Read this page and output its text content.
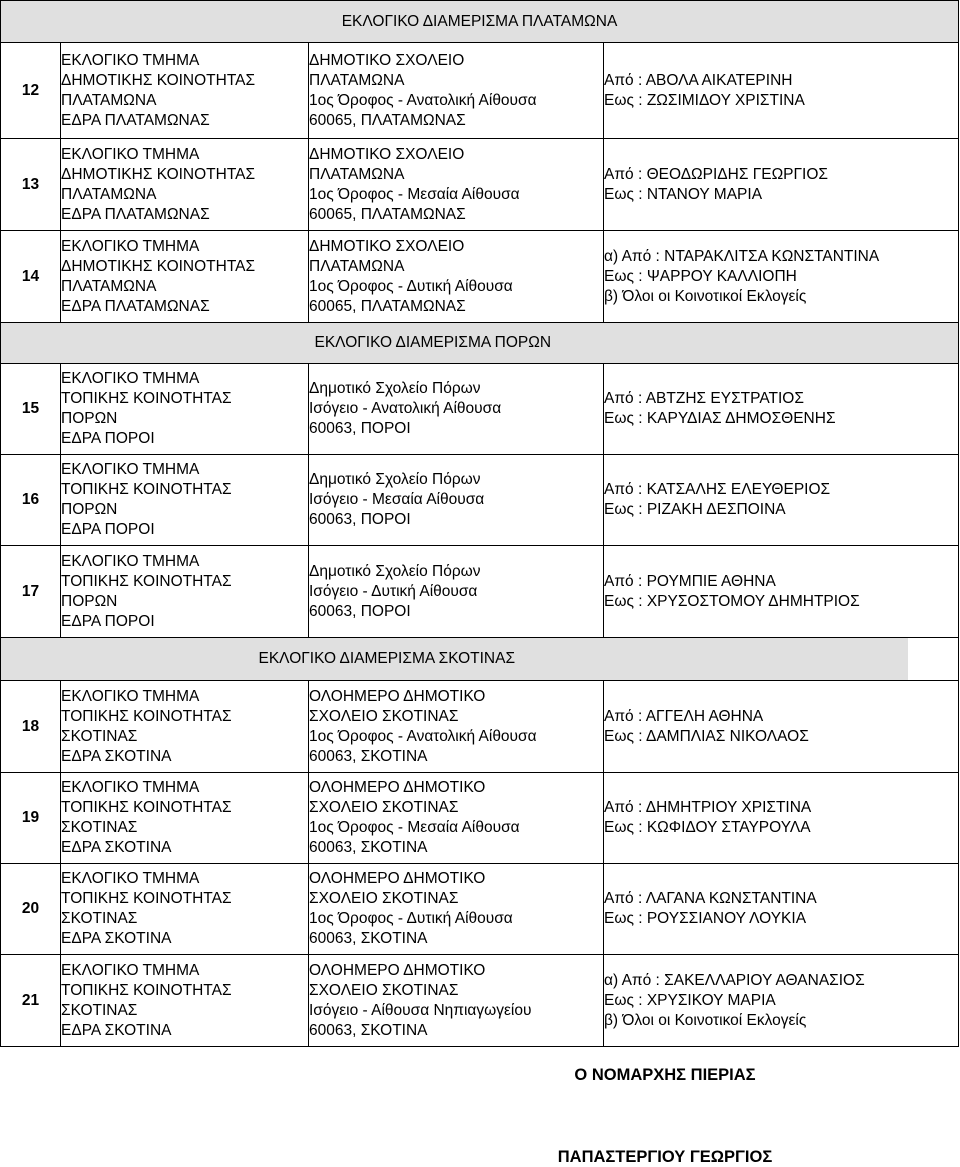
ΕΚΛΟΓΙΚΟ ΔΙΑΜΕΡΙΣΜΑ ΠΛΑΤΑΜΩΝΑ
12	ΕΚΛΟΓΙΚΟ ΤΜΗΜΑ
ΔΗΜΟΤΙΚΗΣ ΚΟΙΝΟΤΗΤΑΣ
ΠΛΑΤΑΜΩΝΑ
ΕΔΡΑ ΠΛΑΤΑΜΩΝΑΣ	ΔΗΜΟΤΙΚΟ ΣΧΟΛΕΙΟ
ΠΛΑΤΑΜΩΝΑ
1ος Όροφος - Ανατολική Αίθουσα
60065, ΠΛΑΤΑΜΩΝΑΣ	Από : ΑΒΟΛΑ ΑΙΚΑΤΕΡΙΝΗ
Εως : ΖΩΣΙΜΙΔΟΥ ΧΡΙΣΤΙΝΑ

13	ΕΚΛΟΓΙΚΟ ΤΜΗΜΑ
ΔΗΜΟΤΙΚΗΣ ΚΟΙΝΟΤΗΤΑΣ
ΠΛΑΤΑΜΩΝΑ
ΕΔΡΑ ΠΛΑΤΑΜΩΝΑΣ	ΔΗΜΟΤΙΚΟ ΣΧΟΛΕΙΟ
ΠΛΑΤΑΜΩΝΑ
1ος Όροφος - Μεσαία Αίθουσα
60065, ΠΛΑΤΑΜΩΝΑΣ	Από : ΘΕΟΔΩΡΙΔΗΣ ΓΕΩΡΓΙΟΣ
Εως : ΝΤΑΝΟΥ ΜΑΡΙΑ

14	ΕΚΛΟΓΙΚΟ ΤΜΗΜΑ
ΔΗΜΟΤΙΚΗΣ ΚΟΙΝΟΤΗΤΑΣ
ΠΛΑΤΑΜΩΝΑ
ΕΔΡΑ ΠΛΑΤΑΜΩΝΑΣ	ΔΗΜΟΤΙΚΟ ΣΧΟΛΕΙΟ
ΠΛΑΤΑΜΩΝΑ
1ος Όροφος - Δυτική Αίθουσα
60065, ΠΛΑΤΑΜΩΝΑΣ	α) Από : ΝΤΑΡΑΚΛΙΤΣΑ ΚΩΝΣΤΑΝΤΙΝΑ
Εως : ΨΑΡΡΟΥ ΚΑΛΛΙΟΠΗ
β) Όλοι οι Κοινοτικοί Εκλογείς

	ΕΚΛΟΓΙΚΟ ΔΙΑΜΕΡΙΣΜΑ ΠΟΡΩΝ
15	ΕΚΛΟΓΙΚΟ ΤΜΗΜΑ
ΤΟΠΙΚΗΣ ΚΟΙΝΟΤΗΤΑΣ
ΠΟΡΩΝ
ΕΔΡΑ ΠΟΡΟΙ	Δημοτικό Σχολείο Πόρων
Ισόγειο - Ανατολική Αίθουσα
60063, ΠΟΡΟΙ	Από : ΑΒΤΖΗΣ ΕΥΣΤΡΑΤΙΟΣ
Εως : ΚΑΡΥΔΙΑΣ ΔΗΜΟΣΘΕΝΗΣ

16	ΕΚΛΟΓΙΚΟ ΤΜΗΜΑ
ΤΟΠΙΚΗΣ ΚΟΙΝΟΤΗΤΑΣ
ΠΟΡΩΝ
ΕΔΡΑ ΠΟΡΟΙ	Δημοτικό Σχολείο Πόρων
Ισόγειο - Μεσαία Αίθουσα
60063, ΠΟΡΟΙ	Από : ΚΑΤΣΑΛΗΣ ΕΛΕΥΘΕΡΙΟΣ
Εως : ΡΙΖΑΚΗ ΔΕΣΠΟΙΝΑ

17	ΕΚΛΟΓΙΚΟ ΤΜΗΜΑ
ΤΟΠΙΚΗΣ ΚΟΙΝΟΤΗΤΑΣ
ΠΟΡΩΝ
ΕΔΡΑ ΠΟΡΟΙ	Δημοτικό Σχολείο Πόρων
Ισόγειο - Δυτική Αίθουσα
60063, ΠΟΡΟΙ	Από : ΡΟΥΜΠΙΕ ΑΘΗΝΑ
Εως : ΧΡΥΣΟΣΤΟΜΟΥ ΔΗΜΗΤΡΙΟΣ

	ΕΚΛΟΓΙΚΟ ΔΙΑΜΕΡΙΣΜΑ ΣΚΟΤΙΝΑΣ
18	ΕΚΛΟΓΙΚΟ ΤΜΗΜΑ
ΤΟΠΙΚΗΣ ΚΟΙΝΟΤΗΤΑΣ
ΣΚΟΤΙΝΑΣ
ΕΔΡΑ ΣΚΟΤΙΝΑ	ΟΛΟΗΜΕΡΟ ΔΗΜΟΤΙΚΟ
ΣΧΟΛΕΙΟ ΣΚΟΤΙΝΑΣ
1ος Όροφος - Ανατολική Αίθουσα
60063, ΣΚΟΤΙΝΑ	Από : ΑΓΓΕΛΗ ΑΘΗΝΑ
Εως : ΔΑΜΠΛΙΑΣ ΝΙΚΟΛΑΟΣ

19	ΕΚΛΟΓΙΚΟ ΤΜΗΜΑ
ΤΟΠΙΚΗΣ ΚΟΙΝΟΤΗΤΑΣ
ΣΚΟΤΙΝΑΣ
ΕΔΡΑ ΣΚΟΤΙΝΑ	ΟΛΟΗΜΕΡΟ ΔΗΜΟΤΙΚΟ
ΣΧΟΛΕΙΟ ΣΚΟΤΙΝΑΣ
1ος Όροφος - Μεσαία Αίθουσα
60063, ΣΚΟΤΙΝΑ	Από : ΔΗΜΗΤΡΙΟΥ ΧΡΙΣΤΙΝΑ
Εως : ΚΩΦΙΔΟΥ ΣΤΑΥΡΟΥΛΑ

20	ΕΚΛΟΓΙΚΟ ΤΜΗΜΑ
ΤΟΠΙΚΗΣ ΚΟΙΝΟΤΗΤΑΣ
ΣΚΟΤΙΝΑΣ
ΕΔΡΑ ΣΚΟΤΙΝΑ	ΟΛΟΗΜΕΡΟ ΔΗΜΟΤΙΚΟ
ΣΧΟΛΕΙΟ ΣΚΟΤΙΝΑΣ
1ος Όροφος - Δυτική Αίθουσα
60063, ΣΚΟΤΙΝΑ	Από : ΛΑΓΑΝΑ ΚΩΝΣΤΑΝΤΙΝΑ
Εως : ΡΟΥΣΣΙΑΝΟΥ ΛΟΥΚΙΑ

21	ΕΚΛΟΓΙΚΟ ΤΜΗΜΑ
ΤΟΠΙΚΗΣ ΚΟΙΝΟΤΗΤΑΣ
ΣΚΟΤΙΝΑΣ
ΕΔΡΑ ΣΚΟΤΙΝΑ	ΟΛΟΗΜΕΡΟ ΔΗΜΟΤΙΚΟ
ΣΧΟΛΕΙΟ ΣΚΟΤΙΝΑΣ
Ισόγειο - Αίθουσα Νηπιαγωγείου
60063, ΣΚΟΤΙΝΑ	α) Από : ΣΑΚΕΛΛΑΡΙΟΥ ΑΘΑΝΑΣΙΟΣ
Εως : ΧΡΥΣΙΚΟΥ ΜΑΡΙΑ
β) Όλοι οι Κοινοτικοί Εκλογείς
Ο ΝΟΜΑΡΧΗΣ ΠΙΕΡΙΑΣ
ΠΑΠΑΣΤΕΡΓΙΟΥ ΓΕΩΡΓΙΟΣ
